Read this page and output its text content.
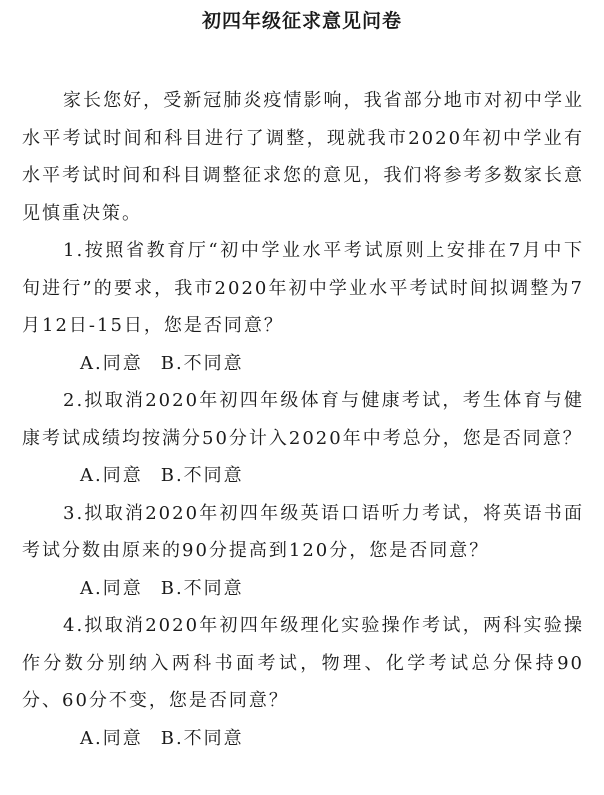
初四年级征求意见问卷

家长您好，受新冠肺炎疫情影响，我省部分地市对初中学业水平考试时间和科目进行了调整，现就我市2020年初中学业有水平考试时间和科目调整征求您的意见，我们将参考多数家长意见慎重决策。

1.按照省教育厅“初中学业水平考试原则上安排在7月中下旬进行”的要求，我市2020年初中学业水平考试时间拟调整为7月12日-15日，您是否同意？

A.同意 B.不同意

2.拟取消2020年初四年级体育与健康考试，考生体育与健康考试成绩均按满分50分计入2020年中考总分，您是否同意？

A.同意 B.不同意

3.拟取消2020年初四年级英语口语听力考试，将英语书面考试分数由原来的90分提高到120分，您是否同意？

A.同意 B.不同意

4.拟取消2020年初四年级理化实验操作考试，两科实验操作分数分别纳入两科书面考试，物理、化学考试总分保持90分、60分不变，您是否同意？

A.同意 B.不同意
